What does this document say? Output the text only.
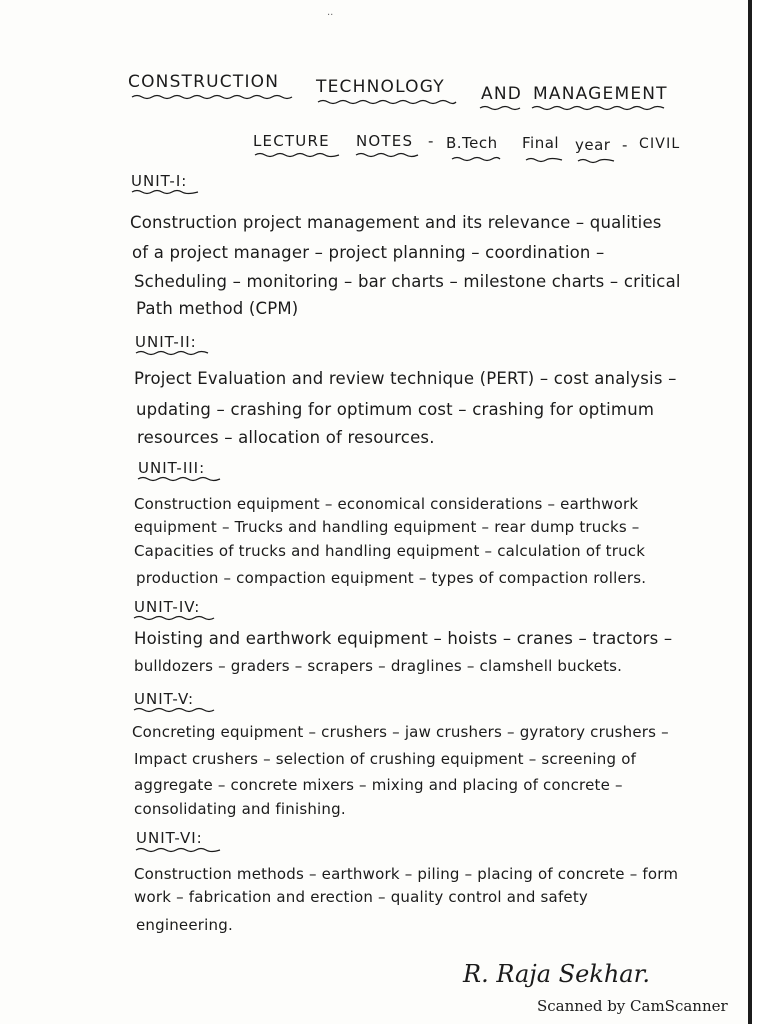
··
CONSTRUCTION TECHNOLOGY AND MANAGEMENT
LECTURE NOTES - B.Tech Final year - CIVIL
UNIT-I:
Construction project management and its relevance – qualities
of a project manager – project planning – coordination –
Scheduling – monitoring – bar charts – milestone charts – critical
Path method (CPM)
UNIT-II:
Project Evaluation and review technique (PERT) – cost analysis –
updating – crashing for optimum cost – crashing for optimum
resources – allocation of resources.
UNIT-III:
Construction equipment – economical considerations – earthwork
equipment – Trucks and handling equipment – rear dump trucks –
Capacities of trucks and handling equipment – calculation of truck
production – compaction equipment – types of compaction rollers.
UNIT-IV:
Hoisting and earthwork equipment – hoists – cranes – tractors –
bulldozers – graders – scrapers – draglines – clamshell buckets.
UNIT-V:
Concreting equipment – crushers – jaw crushers – gyratory crushers –
Impact crushers – selection of crushing equipment – screening of
aggregate – concrete mixers – mixing and placing of concrete –
consolidating and finishing.
UNIT-VI:
Construction methods – earthwork – piling – placing of concrete – form
work – fabrication and erection – quality control and safety
engineering.
R. Raja Sekhar.
Scanned by CamScanner
